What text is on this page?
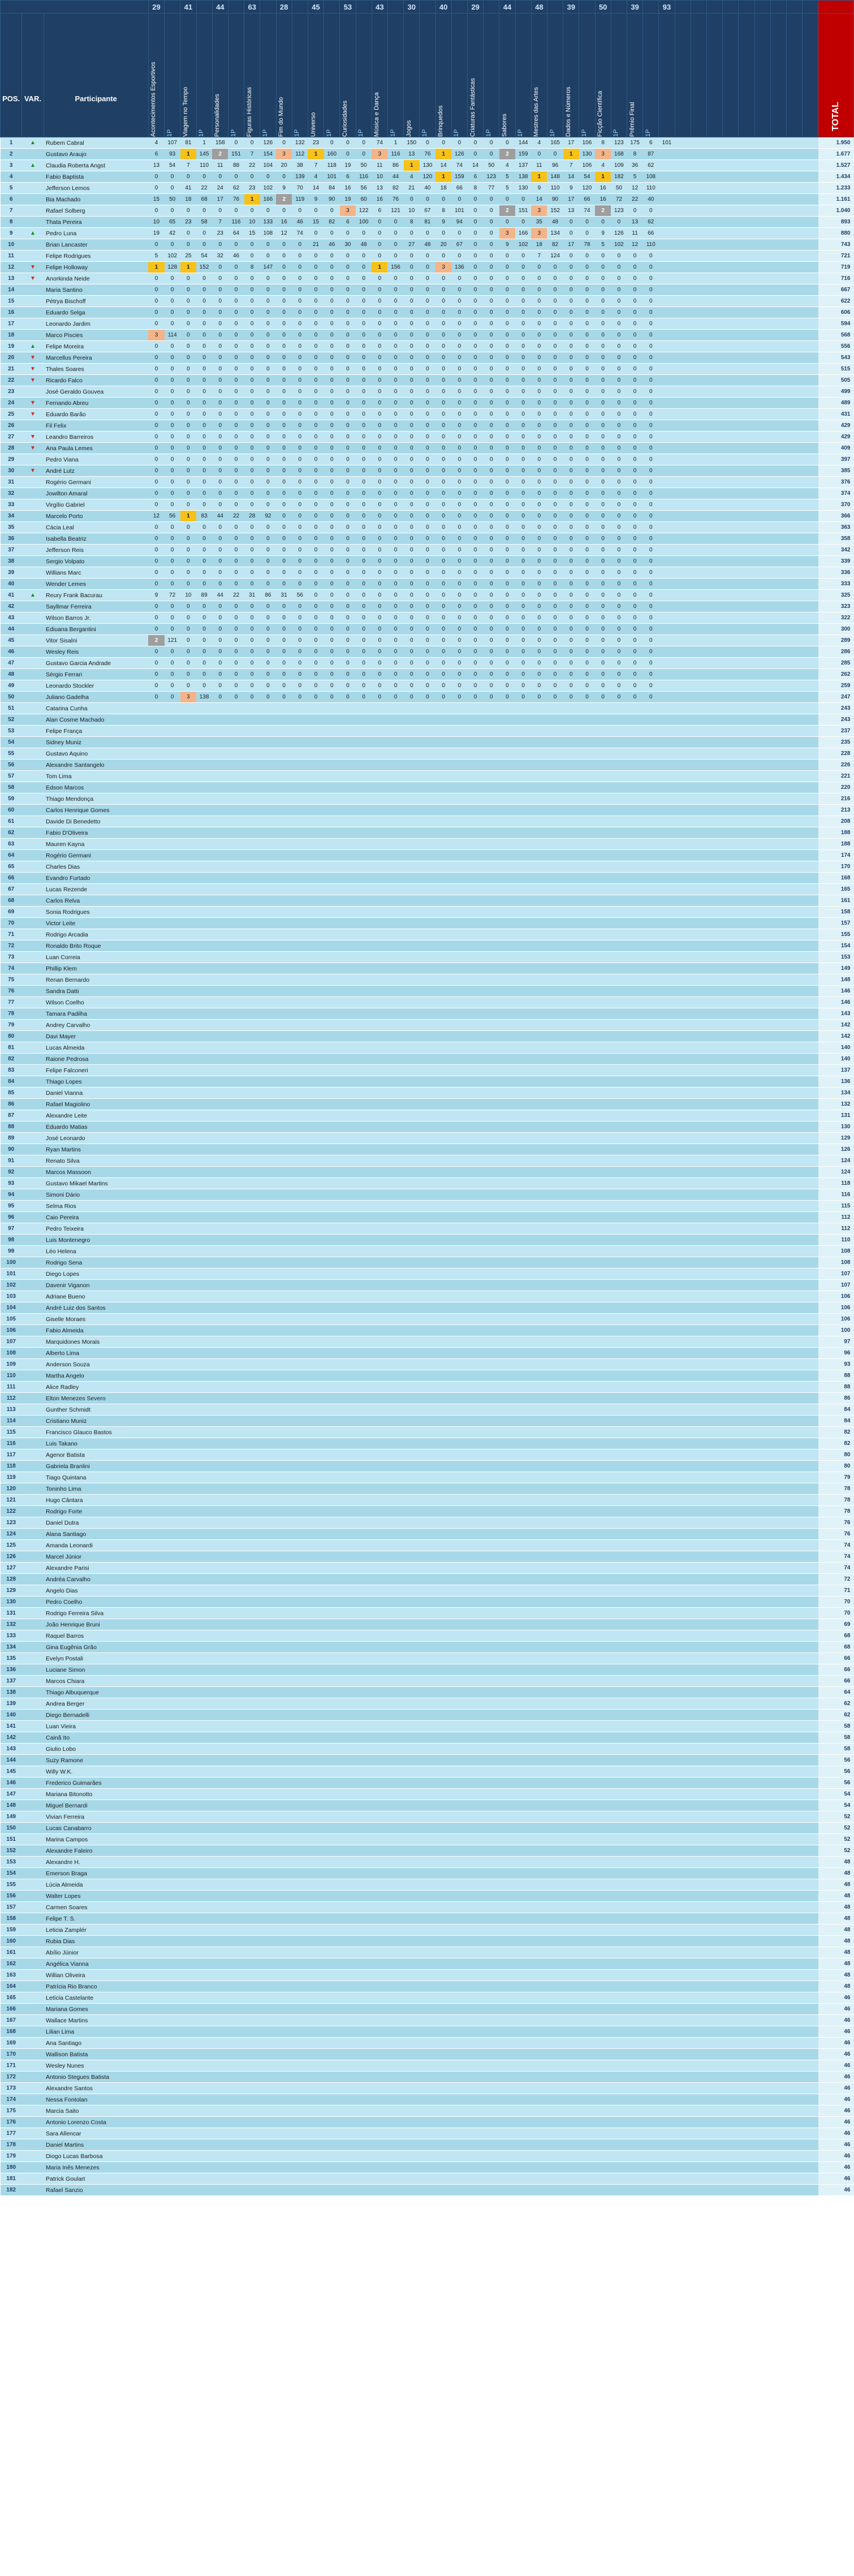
			29		41		44		63		28		45		53		43		30		40		29		44		48		39		50		39		93										
POS.	VAR.	Participante	Acontecimentos Esportivos	1P	Viagem no Tempo	1P	Personalidades	1P	Figuras Históricas	1P	Fim do Mundo	1P	Universo	1P	Curiosidades	1P	Música e Dança	1P	Jogos	1P	Brinquedos	1P	Criaturas Fantásticas	1P	Sabores	1P	Mestres das Artes	1P	Dados e Números	1P	Ficção Científica	1P	Prêmio Final	1P											TOTAL

1	▲	Rubem Cabral	4	107	81	1	158	0	0	126	0	132	23	0	0	0	74	1	150	0	0	0	0	0	0	144	4	165	17	106	8	123	175	6	101										1.950
2		Gustavo Araujo	6	93	1	145	2	151	7	154	3	112	1	160	0	0	3	116	13	76	1	126	0	0	2	159	0	0	1	130	3	168	8	87											1.677
3	▲	Claudia Roberta Angst	13	54	7	110	11	88	22	104	20	38	7	118	19	50	11	86	1	130	14	74	14	50	4	137	11	96	7	106	4	109	36	62											1.527
4		Fabio Baptista	0	0	0	0	0	0	0	0	0	139	4	101	6	116	10	44	4	120	1	159	6	123	5	138	1	148	14	54	1	182	5	108											1.434
5		Jefferson Lemos	0	0	41	22	24	62	23	102	9	70	14	84	16	56	13	82	21	40	18	66	8	77	5	130	9	110	9	120	16	50	12	110											1.233
6		Bia Machado	15	50	18	68	17	76	1	166	2	119	9	90	19	60	16	76	0	0	0	0	0	0	0	0	14	90	17	66	16	72	22	40											1.161
7		Rafael Solberg	0	0	0	0	0	0	0	0	0	0	0	0	3	122	6	121	10	67	8	101	0	0	2	151	3	152	13	74	2	123	0	0											1.040
8		Thata Pereira	10	65	23	58	7	116	10	133	16	46	15	82	6	100	0	0	8	81	9	94	0	0	0	0	35	48	0	0	0	0	13	62											893
9	▲	Pedro Luna	19	42	0	0	23	64	15	108	12	74	0	0	0	0	0	0	0	0	0	0	0	0	3	166	3	134	0	0	9	126	11	66											880
10		Brian Lancaster	0	0	0	0	0	0	0	0	0	0	21	46	30	48	0	0	27	48	20	67	0	0	9	102	18	82	17	78	5	102	12	110											743
11		Felipe Rodrigues	5	102	25	54	32	46	0	0	0	0	0	0	0	0	0	0	0	0	0	0	0	0	0	0	7	124	0	0	0	0	0	0											721
12	▼	Felipe Holloway	1	128	1	152	0	0	8	147	0	0	0	0	0	0	1	156	0	0	3	136	0	0	0	0	0	0	0	0	0	0	0	0											719
13	▼	Anorkinda Neide	0	0	0	0	0	0	0	0	0	0	0	0	0	0	0	0	0	0	0	0	0	0	0	0	0	0	0	0	0	0	0	0											716
14		Maria Santino	0	0	0	0	0	0	0	0	0	0	0	0	0	0	0	0	0	0	0	0	0	0	0	0	0	0	0	0	0	0	0	0											667
15		Pétrya Bischoff	0	0	0	0	0	0	0	0	0	0	0	0	0	0	0	0	0	0	0	0	0	0	0	0	0	0	0	0	0	0	0	0											622
16		Eduardo Selga	0	0	0	0	0	0	0	0	0	0	0	0	0	0	0	0	0	0	0	0	0	0	0	0	0	0	0	0	0	0	0	0											606
17		Leonardo Jardim	0	0	0	0	0	0	0	0	0	0	0	0	0	0	0	0	0	0	0	0	0	0	0	0	0	0	0	0	0	0	0	0											594
18		Marco Piscies	3	114	0	0	0	0	0	0	0	0	0	0	0	0	0	0	0	0	0	0	0	0	0	0	0	0	0	0	0	0	0	0											568
19	▲	Felipe Moreira	0	0	0	0	0	0	0	0	0	0	0	0	0	0	0	0	0	0	0	0	0	0	0	0	0	0	0	0	0	0	0	0											556
20	▼	Marcellus Pereira	0	0	0	0	0	0	0	0	0	0	0	0	0	0	0	0	0	0	0	0	0	0	0	0	0	0	0	0	0	0	0	0											543
21	▼	Thales Soares	0	0	0	0	0	0	0	0	0	0	0	0	0	0	0	0	0	0	0	0	0	0	0	0	0	0	0	0	0	0	0	0											515
22	▼	Ricardo Falco	0	0	0	0	0	0	0	0	0	0	0	0	0	0	0	0	0	0	0	0	0	0	0	0	0	0	0	0	0	0	0	0											505
23		José Geraldo Gouvea	0	0	0	0	0	0	0	0	0	0	0	0	0	0	0	0	0	0	0	0	0	0	0	0	0	0	0	0	0	0	0	0											499
24	▼	Fernando Abreu	0	0	0	0	0	0	0	0	0	0	0	0	0	0	0	0	0	0	0	0	0	0	0	0	0	0	0	0	0	0	0	0											489
25	▼	Eduardo Barão	0	0	0	0	0	0	0	0	0	0	0	0	0	0	0	0	0	0	0	0	0	0	0	0	0	0	0	0	0	0	0	0											431
26		Fil Felix	0	0	0	0	0	0	0	0	0	0	0	0	0	0	0	0	0	0	0	0	0	0	0	0	0	0	0	0	0	0	0	0											429
27	▼	Leandro Barreiros	0	0	0	0	0	0	0	0	0	0	0	0	0	0	0	0	0	0	0	0	0	0	0	0	0	0	0	0	0	0	0	0											429
28	▼	Ana Paula Lemes	0	0	0	0	0	0	0	0	0	0	0	0	0	0	0	0	0	0	0	0	0	0	0	0	0	0	0	0	0	0	0	0											409
29		Pedro Viana	0	0	0	0	0	0	0	0	0	0	0	0	0	0	0	0	0	0	0	0	0	0	0	0	0	0	0	0	0	0	0	0											397
30	▼	André Lutz	0	0	0	0	0	0	0	0	0	0	0	0	0	0	0	0	0	0	0	0	0	0	0	0	0	0	0	0	0	0	0	0											385
31		Rogério Germani	0	0	0	0	0	0	0	0	0	0	0	0	0	0	0	0	0	0	0	0	0	0	0	0	0	0	0	0	0	0	0	0											376
32		Jowilton Amaral	0	0	0	0	0	0	0	0	0	0	0	0	0	0	0	0	0	0	0	0	0	0	0	0	0	0	0	0	0	0	0	0											374
33		Virgílio Gabriel	0	0	0	0	0	0	0	0	0	0	0	0	0	0	0	0	0	0	0	0	0	0	0	0	0	0	0	0	0	0	0	0											370
34		Marcelo Porto	12	56	1	83	44	22	28	92	0	0	0	0	0	0	0	0	0	0	0	0	0	0	0	0	0	0	0	0	0	0	0	0											366
35		Cácia Leal	0	0	0	0	0	0	0	0	0	0	0	0	0	0	0	0	0	0	0	0	0	0	0	0	0	0	0	0	0	0	0	0											363
36		Isabella Beatriz	0	0	0	0	0	0	0	0	0	0	0	0	0	0	0	0	0	0	0	0	0	0	0	0	0	0	0	0	0	0	0	0											358
37		Jefferson Reis	0	0	0	0	0	0	0	0	0	0	0	0	0	0	0	0	0	0	0	0	0	0	0	0	0	0	0	0	0	0	0	0											342
38		Sergio Volpato	0	0	0	0	0	0	0	0	0	0	0	0	0	0	0	0	0	0	0	0	0	0	0	0	0	0	0	0	0	0	0	0											339
39		Willians Marc	0	0	0	0	0	0	0	0	0	0	0	0	0	0	0	0	0	0	0	0	0	0	0	0	0	0	0	0	0	0	0	0											336
40		Wender Lemes	0	0	0	0	0	0	0	0	0	0	0	0	0	0	0	0	0	0	0	0	0	0	0	0	0	0	0	0	0	0	0	0											333
41	▲	Reury Frank Bacurau	9	72	10	89	44	22	31	86	31	56	0	0	0	0	0	0	0	0	0	0	0	0	0	0	0	0	0	0	0	0	0	0											325
42		Sayllmar Ferreira	0	0	0	0	0	0	0	0	0	0	0	0	0	0	0	0	0	0	0	0	0	0	0	0	0	0	0	0	0	0	0	0											323
43		Wilson Barros Jr.	0	0	0	0	0	0	0	0	0	0	0	0	0	0	0	0	0	0	0	0	0	0	0	0	0	0	0	0	0	0	0	0											322
44		Ediuana Bergantini	0	0	0	0	0	0	0	0	0	0	0	0	0	0	0	0	0	0	0	0	0	0	0	0	0	0	0	0	0	0	0	0											300
45		Vitor Sisalni	2	121	0	0	0	0	0	0	0	0	0	0	0	0	0	0	0	0	0	0	0	0	0	0	0	0	0	0	0	0	0	0											289
46		Wesley Reis	0	0	0	0	0	0	0	0	0	0	0	0	0	0	0	0	0	0	0	0	0	0	0	0	0	0	0	0	0	0	0	0											286
47		Gustavo Garcia Andrade	0	0	0	0	0	0	0	0	0	0	0	0	0	0	0	0	0	0	0	0	0	0	0	0	0	0	0	0	0	0	0	0											285
48		Sérgio Ferrari	0	0	0	0	0	0	0	0	0	0	0	0	0	0	0	0	0	0	0	0	0	0	0	0	0	0	0	0	0	0	0	0											262
49		Leonardo Stockler	0	0	0	0	0	0	0	0	0	0	0	0	0	0	0	0	0	0	0	0	0	0	0	0	0	0	0	0	0	0	0	0											259
50		Juliano Gadelha	0	0	3	138	0	0	0	0	0	0	0	0	0	0	0	0	0	0	0	0	0	0	0	0	0	0	0	0	0	0	0	0											247
51		Catarina Cunha																																											243
52		Alan Cosme Machado																																											243
53		Felipe França																																											237
54		Sidney Muniz																																											235
55		Gustavo Aquino																																											228
56		Alexandre Santangelo																																											226
57		Tom Lima																																											221
58		Edson Marcos																																											220
59		Thiago Mendonça																																											216
60		Carlos Henrique Gomes																																											213
61		Davide Di Benedetto																																											208
62		Fabio D'Oliveira																																											188
63		Mauren Kayna																																											188
64		Rogério Germani																																											174
65		Charles Dias																																											170
66		Evandro Furtado																																											168
67		Lucas Rezende																																											165
68		Carlos Relva																																											161
69		Sonia Rodrigues																																											158
70		Victor Leite																																											157
71		Rodrigo Arcadia																																											155
72		Ronaldo Brito Roque																																											154
73		Luan Correia																																											153
74		Phillip Klem																																											149
75		Renan Bernardo																																											148
76		Sandra Datti																																											146
77		Wilson Coelho																																											146
78		Tamara Padilha																																											143
79		Andrey Carvalho																																											142
80		Davi Mayer																																											142
81		Lucas Almeida																																											140
82		Raione Pedrosa																																											140
83		Felipe Falconeri																																											137
84		Thiago Lopes																																											136
85		Daniel Vianna																																											134
86		Rafael Magiolino																																											132
87		Alexandre Leite																																											131
88		Eduardo Matias																																											130
89		José Leonardo																																											129
90		Ryan Martins																																											126
91		Renato Silva																																											124
92		Marcos Massoon																																											124
93		Gustavo Mikael Martins																																											118
94		Simoni Dário																																											116
95		Selma Rios																																											115
96		Caio Pereira																																											112
97		Pedro Teixeira																																											112
98		Luis Montenegro																																											110
99		Léo Helena																																											108
100		Rodrigo Sena																																											108
101		Diego Lopes																																											107
102		Davenir Viganon																																											107
103		Adriane Bueno																																											106
104		André Luiz dos Santos																																											106
105		Giselle Moraes																																											106
106		Fabio Almeida																																											100
107		Marquidones Morais																																											97
108		Alberto Lima																																											96
109		Anderson Souza																																											93
110		Martha Angelo																																											88
111		Alice Radley																																											88
112		Elton Menezes Severo																																											86
113		Gunther Schmidt																																											84
114		Cristiano Muniz																																											84
115		Francisco Glauco Bastos																																											82
116		Luis Takano																																											82
117		Agenor Batista																																											80
118		Gabriela Branlini																																											80
119		Tiago Quintana																																											79
120		Toninho Lima																																											78
121		Hugo Cântara																																											78
122		Rodrigo Forte																																											78
123		Daniel Dutra																																											76
124		Alana Santiago																																											76
125		Amanda Leonardi																																											74
126		Marcel Júnior																																											74
127		Alexandre Parisi																																											74
128		Andréa Carvalho																																											72
129		Angelo Dias																																											71
130		Pedro Coelho																																											70
131		Rodrigo Ferreira Silva																																											70
132		João Henrique Bruni																																											69
133		Raquel Barros																																											68
134		Gina Eugênia Grão																																											68
135		Evelyn Postali																																											66
136		Luciane Simon																																											66
137		Marcos Chiara																																											66
138		Thiago Albuquerque																																											64
139		Andrea Berger																																											62
140		Diego Bernadelli																																											62
141		Luan Vieira																																											58
142		Cainã Ito																																											58
143		Giulio Lobo																																											58
144		Suzy Ramone																																											56
145		Willy W.K.																																											56
146		Frederico Guimarães																																											56
147		Mariana Bitonotto																																											54
148		Miguel Bernardi																																											54
149		Vivian Ferreira																																											52
150		Lucas Canabarro																																											52
151		Marina Campos																																											52
152		Alexandre Faleiro																																											52
153		Alexandre H.																																											48
154		Emerson Braga																																											48
155		Lúcia Almeida																																											48
156		Walter Lopes																																											48
157		Carmen Soares																																											48
158		Felipe T. S.																																											48
159		Leticia Zamplér																																											48
160		Rubia Dias																																											48
161		Abílio Júnior																																											48
162		Angélica Vianna																																											48
163		Willian Oliveira																																											48
164		Patrícia Rio Branco																																											48
165		Letícia Castelante																																											46
166		Mariana Gomes																																											46
167		Wallace Martins																																											46
168		Lilian Lima																																											46
169		Ana Santiago																																											46
170		Wallison Batista																																											46
171		Wesley Nunes																																											46
172		Antonio Stegues Batista																																											46
173		Alexandre Santos																																											46
174		Nessa Fontolan																																											46
175		Marcia Saito																																											46
176		Antonio Lorenzo Costa																																											46
177		Sara Allencar																																											46
178		Daniel Martins																																											46
179		Diogo Lucas Barbosa																																											46
180		Maria Inês Menezes																																											46
181		Patrick Goulart																																											46
182		Rafael Sanzio																																											46
